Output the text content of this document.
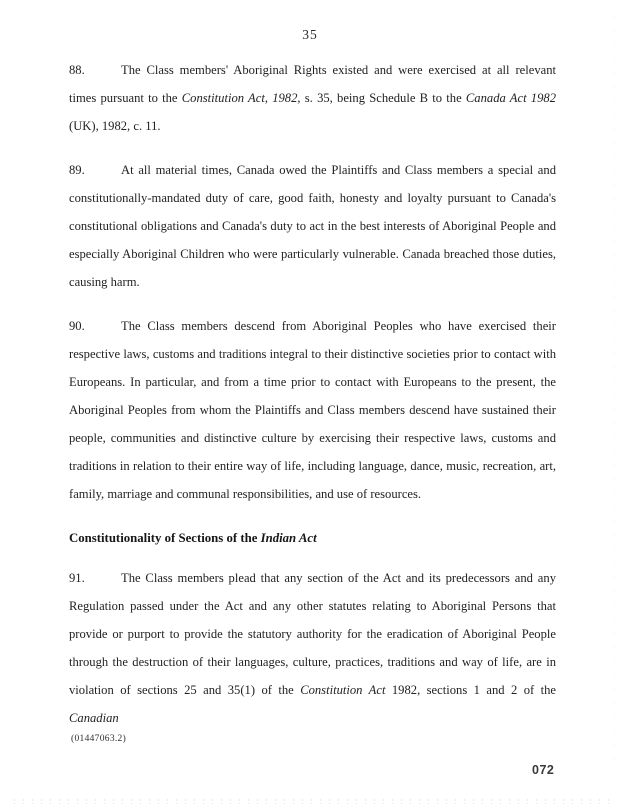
35

88.	The Class members' Aboriginal Rights existed and were exercised at all relevant times pursuant to the Constitution Act, 1982, s. 35, being Schedule B to the Canada Act 1982 (UK), 1982, c. 11.

89.	At all material times, Canada owed the Plaintiffs and Class members a special and constitutionally-mandated duty of care, good faith, honesty and loyalty pursuant to Canada's constitutional obligations and Canada's duty to act in the best interests of Aboriginal People and especially Aboriginal Children who were particularly vulnerable. Canada breached those duties, causing harm.

90.	The Class members descend from Aboriginal Peoples who have exercised their respective laws, customs and traditions integral to their distinctive societies prior to contact with Europeans. In particular, and from a time prior to contact with Europeans to the present, the Aboriginal Peoples from whom the Plaintiffs and Class members descend have sustained their people, communities and distinctive culture by exercising their respective laws, customs and traditions in relation to their entire way of life, including language, dance, music, recreation, art, family, marriage and communal responsibilities, and use of resources.

Constitutionality of Sections of the Indian Act

91.	The Class members plead that any section of the Act and its predecessors and any Regulation passed under the Act and any other statutes relating to Aboriginal Persons that provide or purport to provide the statutory authority for the eradication of Aboriginal People through the destruction of their languages, culture, practices, traditions and way of life, are in violation of sections 25 and 35(1) of the Constitution Act 1982, sections 1 and 2 of the Canadian

(01447063.2)
072
